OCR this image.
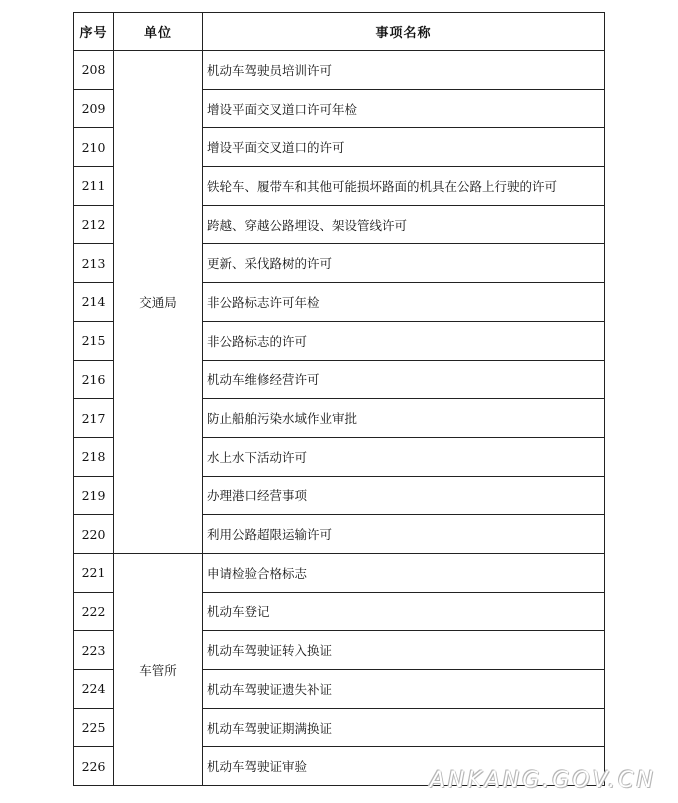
序号	单位	事项名称
208	交通局	机动车驾驶员培训许可
209		增设平面交叉道口许可年检
210		增设平面交叉道口的许可
211		铁轮车、履带车和其他可能损坏路面的机具在公路上行驶的许可
212		跨越、穿越公路埋设、架设管线许可
213		更新、采伐路树的许可
214		非公路标志许可年检
215		非公路标志的许可
216		机动车维修经营许可
217		防止船舶污染水域作业审批
218		水上水下活动许可
219		办理港口经营事项
220		利用公路超限运输许可
221	车管所	申请检验合格标志
222		机动车登记
223		机动车驾驶证转入换证
224		机动车驾驶证遗失补证
225		机动车驾驶证期满换证
226		机动车驾驶证审验
ANKANG.GOV.CN
